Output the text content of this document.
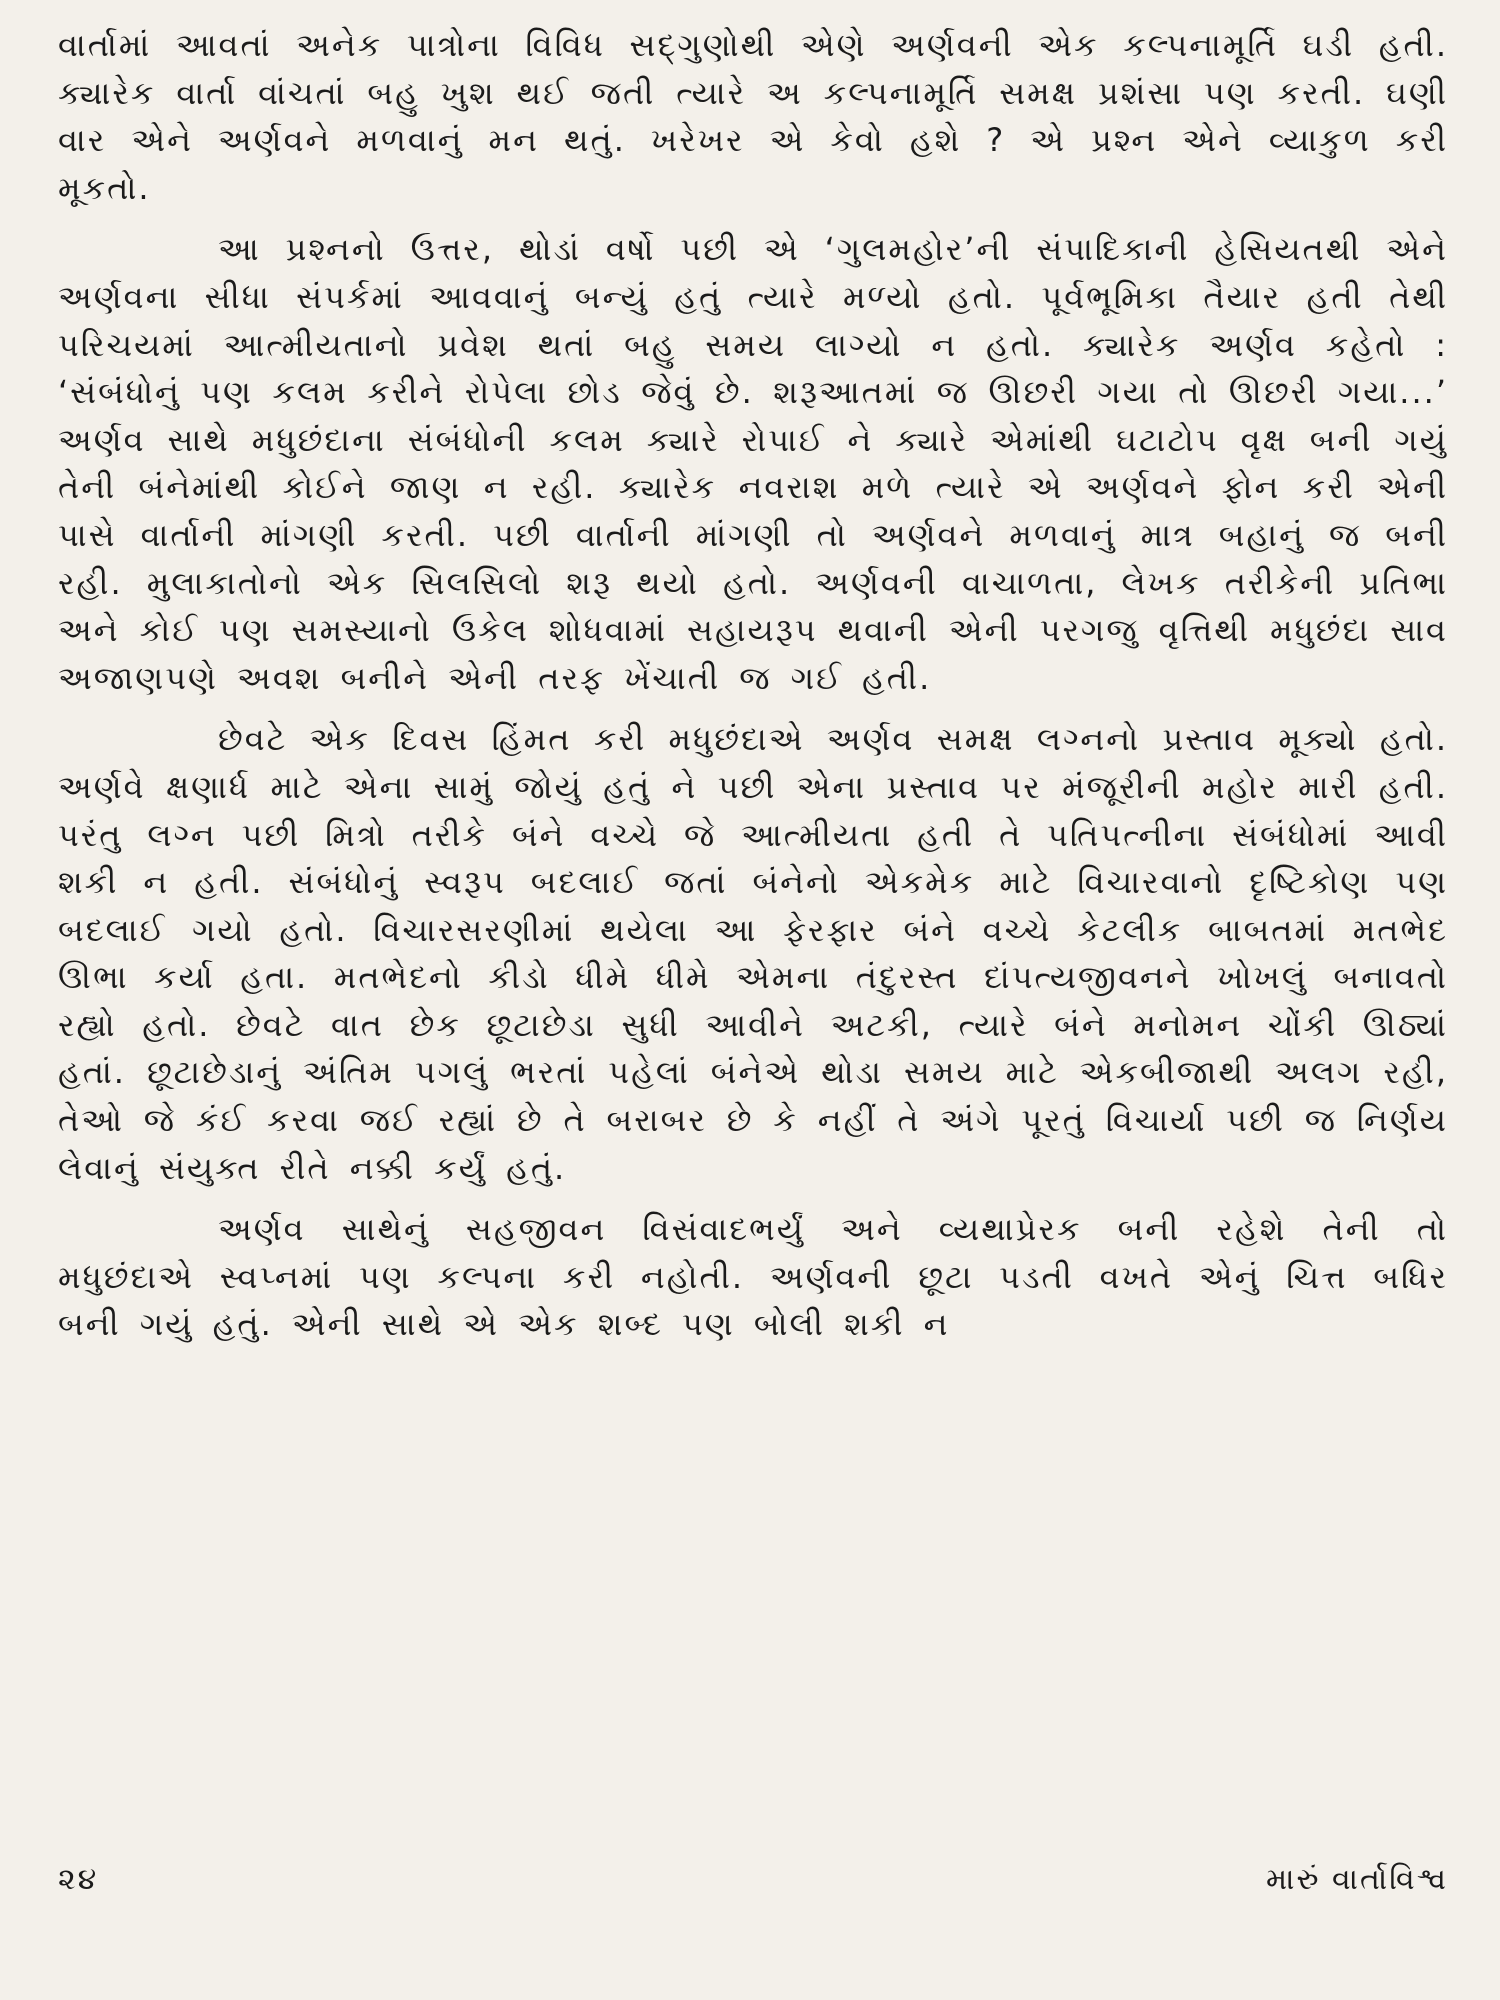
વાર્તામાં આવતાં અનેક પાત્રોના વિવિધ સદ્‌ગુણોથી એણે અર્ણવની એક કલ્પનામૂર્તિ ઘડી હતી. ક્યારેક વાર્તા વાંચતાં બહુ ખુશ થઈ જતી ત્યારે અ કલ્પનામૂર્તિ સમક્ષ પ્રશંસા પણ કરતી. ઘણી વાર એને અર્ણવને મળવાનું મન થતું. ખરેખર એ કેવો હશે ? એ પ્રશ્ન એને વ્યાકુળ કરી મૂકતો.

આ પ્રશ્નનો ઉત્તર, થોડાં વર્ષો પછી એ ‘ગુલમહોર’ની સંપાદિકાની હેસિયતથી એને અર્ણવના સીધા સંપર્કમાં આવવાનું બન્યું હતું ત્યારે મળ્યો હતો. પૂર્વભૂમિકા તૈયાર હતી તેથી પરિચયમાં આત્મીયતાનો પ્રવેશ થતાં બહુ સમય લાગ્યો ન હતો. ક્યારેક અર્ણવ કહેતો : ‘સંબંધોનું પણ કલમ કરીને રોપેલા છોડ જેવું છે. શરૂઆતમાં જ ઊછરી ગયા તો ઊછરી ગયા...’ અર્ણવ સાથે મધુછંદાના સંબંધોની કલમ ક્યારે રોપાઈ ને ક્યારે એમાંથી ઘટાટોપ વૃક્ષ બની ગયું તેની બંનેમાંથી કોઈને જાણ ન રહી. ક્યારેક નવરાશ મળે ત્યારે એ અર્ણવને ફોન કરી એની પાસે વાર્તાની માંગણી કરતી. પછી વાર્તાની માંગણી તો અર્ણવને મળવાનું માત્ર બહાનું જ બની રહી. મુલાકાતોનો એક સિલસિલો શરૂ થયો હતો. અર્ણવની વાચાળતા, લેખક તરીકેની પ્રતિભા અને કોઈ પણ સમસ્યાનો ઉકેલ શોધવામાં સહાયરૂપ થવાની એની પરગજુ વૃત્તિથી મધુછંદા સાવ અજાણપણે અવશ બનીને એની તરફ ખેંચાતી જ ગઈ હતી.

છેવટે એક દિવસ હિંમત કરી મધુછંદાએ અર્ણવ સમક્ષ લગ્નનો પ્રસ્તાવ મૂક્યો હતો. અર્ણવે ક્ષણાર્ધ માટે એના સામું જોયું હતું ને પછી એના પ્રસ્તાવ પર મંજૂરીની મહોર મારી હતી. પરંતુ લગ્ન પછી મિત્રો તરીકે બંને વચ્ચે જે આત્મીયતા હતી તે પતિપત્નીના સંબંધોમાં આવી શકી ન હતી. સંબંધોનું સ્વરૂપ બદલાઈ જતાં બંનેનો એકમેક માટે વિચારવાનો દૃષ્ટિકોણ પણ બદલાઈ ગયો હતો. વિચારસરણીમાં થયેલા આ ફેરફાર બંને વચ્ચે કેટલીક બાબતમાં મતભેદ ઊભા કર્યા હતા. મતભેદનો કીડો ધીમે ધીમે એમના તંદુરસ્ત દાંપત્યજીવનને ખોખલું બનાવતો રહ્યો હતો. છેવટે વાત છેક છૂટાછેડા સુધી આવીને અટકી, ત્યારે બંને મનોમન ચોંકી ઊઠ્યાં હતાં. છૂટાછેડાનું અંતિમ પગલું ભરતાં પહેલાં બંનેએ થોડા સમય માટે એકબીજાથી અલગ રહી, તેઓ જે કંઈ કરવા જઈ રહ્યાં છે તે બરાબર છે કે નહીં તે અંગે પૂરતું વિચાર્યા પછી જ નિર્ણય લેવાનું સંયુક્ત રીતે નક્કી કર્યું હતું.

અર્ણવ સાથેનું સહજીવન વિસંવાદભર્યું અને વ્યથાપ્રેરક બની રહેશે તેની તો મધુછંદાએ સ્વપ્નમાં પણ કલ્પના કરી નહોતી. અર્ણવની છૂટા પડતી વખતે એનું ચિત્ત બધિર બની ગયું હતું. એની સાથે એ એક શબ્દ પણ બોલી શકી ન

૨૪	મારું વાર્તાવિશ્વ
